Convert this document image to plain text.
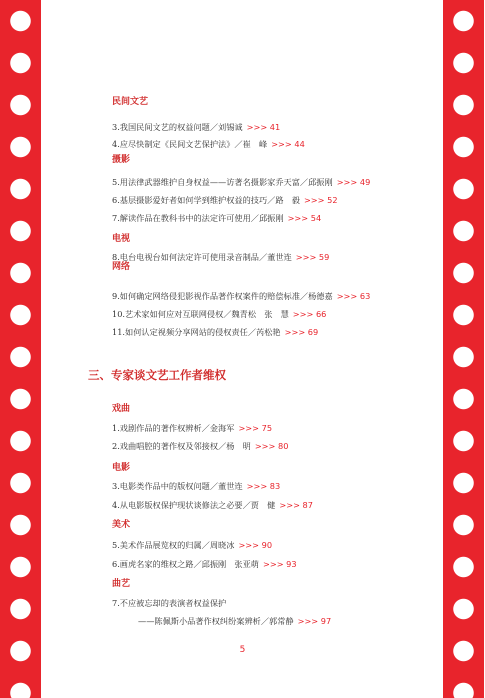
民间文艺
3.我国民间文艺的权益问题／刘锡诚 >>> 41
4.应尽快制定《民间文艺保护法》／崔　峰 >>> 44
摄影
5.用法律武器维护自身权益——访著名摄影家乔天富／邱振刚 >>> 49
6.基层摄影爱好者如何学到维护权益的技巧／路　毅 >>> 52
7.解读作品在教科书中的法定许可使用／邱振刚 >>> 54
电视
8.电台电视台如何法定许可使用录音制品／董世连 >>> 59
网络
9.如何确定网络侵犯影视作品著作权案件的赔偿标准／杨德嘉 >>> 63
10.艺术家如何应对互联网侵权／魏青松　张　慧 >>> 66
11.如何认定视频分享网站的侵权责任／芮松艳 >>> 69
三、专家谈文艺工作者维权
戏曲
1.戏剧作品的著作权辨析／金海军 >>> 75
2.戏曲唱腔的著作权及邻接权／杨　明 >>> 80
电影
3.电影类作品中的版权问题／董世连 >>> 83
4.从电影版权保护现状谈修法之必要／贾　健 >>> 87
美术
5.美术作品展览权的归属／周晓冰 >>> 90
6.画虎名家的维权之路／邱振刚　张亚萌 >>> 93
曲艺
7.不应被忘却的表演者权益保护
——陈佩斯小品著作权纠纷案辨析／郭常静 >>> 97
5
